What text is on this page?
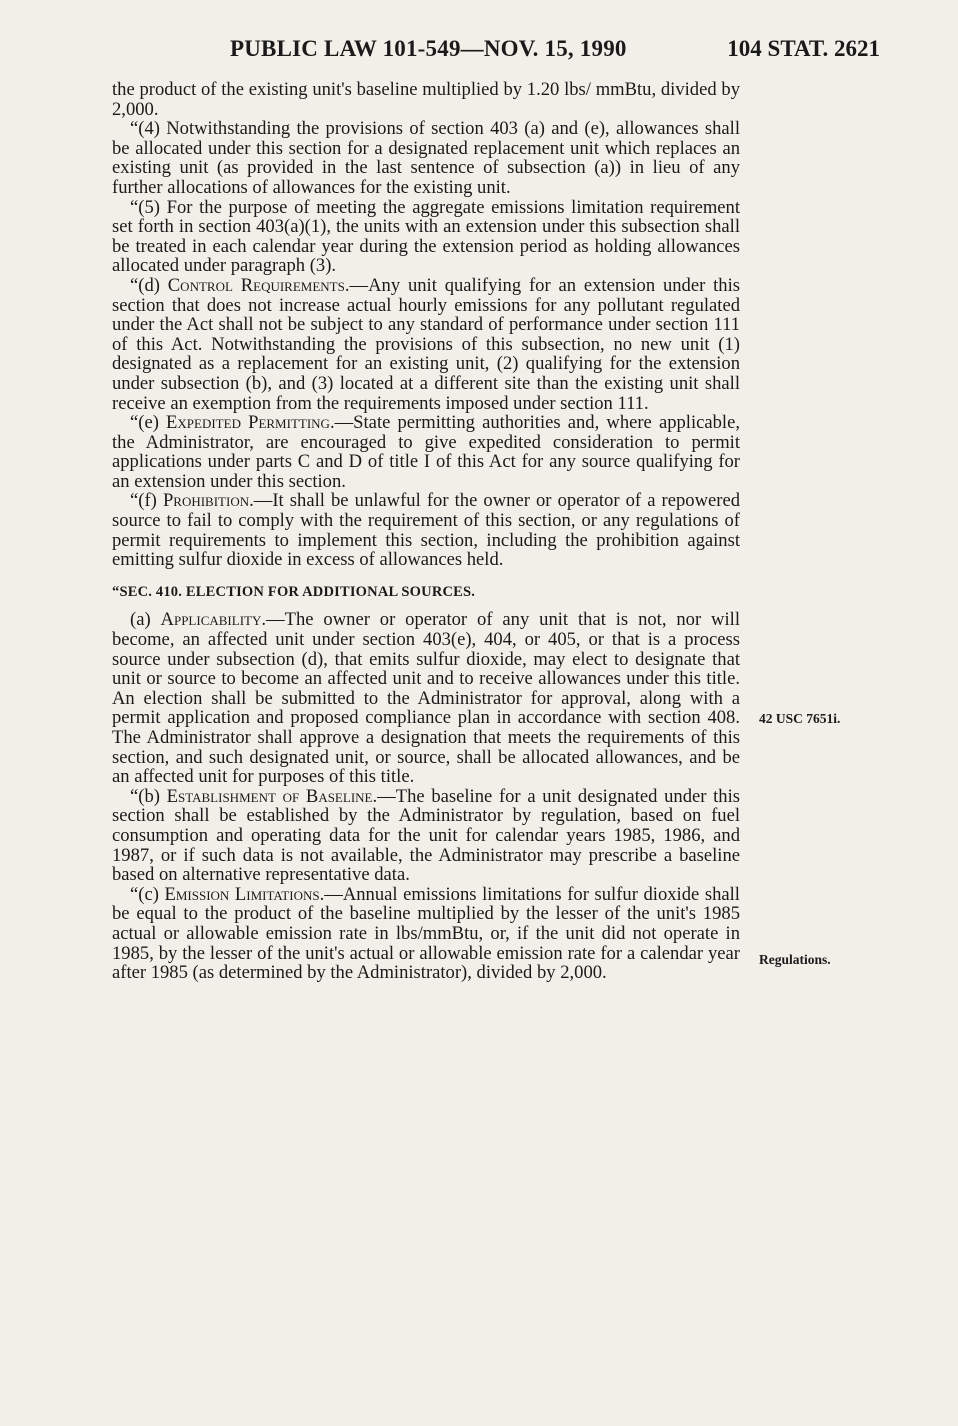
PUBLIC LAW 101-549—NOV. 15, 1990	104 STAT. 2621

the product of the existing unit's baseline multiplied by 1.20 lbs/ mmBtu, divided by 2,000.

“(4) Notwithstanding the provisions of section 403 (a) and (e), allowances shall be allocated under this section for a designated replacement unit which replaces an existing unit (as provided in the last sentence of subsection (a)) in lieu of any further allocations of allowances for the existing unit.

“(5) For the purpose of meeting the aggregate emissions limitation requirement set forth in section 403(a)(1), the units with an extension under this subsection shall be treated in each calendar year during the extension period as holding allowances allocated under paragraph (3).

“(d) Control Requirements.—Any unit qualifying for an extension under this section that does not increase actual hourly emissions for any pollutant regulated under the Act shall not be subject to any standard of performance under section 111 of this Act. Notwithstanding the provisions of this subsection, no new unit (1) designated as a replacement for an existing unit, (2) qualifying for the extension under subsection (b), and (3) located at a different site than the existing unit shall receive an exemption from the requirements imposed under section 111.

“(e) Expedited Permitting.—State permitting authorities and, where applicable, the Administrator, are encouraged to give expedited consideration to permit applications under parts C and D of title I of this Act for any source qualifying for an extension under this section.

“(f) Prohibition.—It shall be unlawful for the owner or operator of a repowered source to fail to comply with the requirement of this section, or any regulations of permit requirements to implement this section, including the prohibition against emitting sulfur dioxide in excess of allowances held.

“SEC. 410. ELECTION FOR ADDITIONAL SOURCES.

(a) Applicability.—The owner or operator of any unit that is not, nor will become, an affected unit under section 403(e), 404, or 405, or that is a process source under subsection (d), that emits sulfur dioxide, may elect to designate that unit or source to become an affected unit and to receive allowances under this title. An election shall be submitted to the Administrator for approval, along with a permit application and proposed compliance plan in accordance with section 408. The Administrator shall approve a designation that meets the requirements of this section, and such designated unit, or source, shall be allocated allowances, and be an affected unit for purposes of this title.

“(b) Establishment of Baseline.—The baseline for a unit designated under this section shall be established by the Administrator by regulation, based on fuel consumption and operating data for the unit for calendar years 1985, 1986, and 1987, or if such data is not available, the Administrator may prescribe a baseline based on alternative representative data.

“(c) Emission Limitations.—Annual emissions limitations for sulfur dioxide shall be equal to the product of the baseline multiplied by the lesser of the unit's 1985 actual or allowable emission rate in lbs/mmBtu, or, if the unit did not operate in 1985, by the lesser of the unit's actual or allowable emission rate for a calendar year after 1985 (as determined by the Administrator), divided by 2,000.

42 USC 7651i.
Regulations.
